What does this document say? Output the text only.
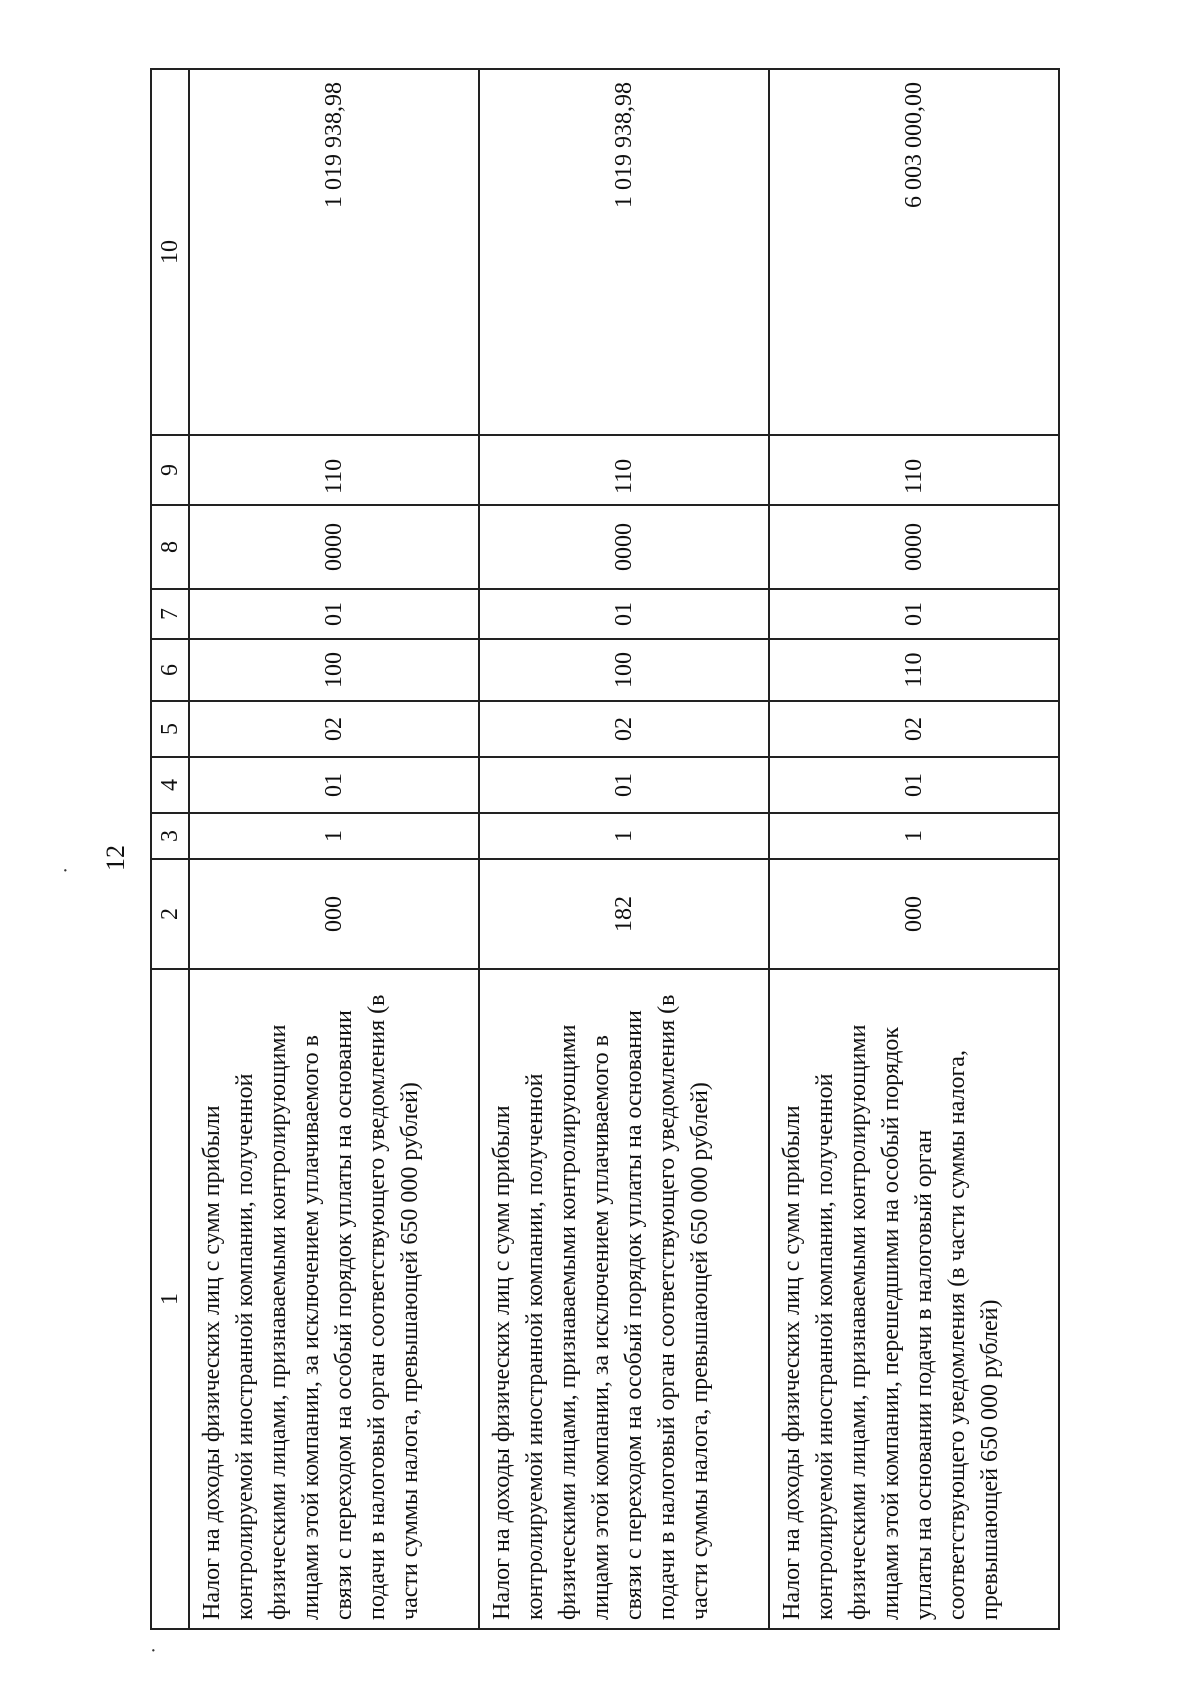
12
·
·
1	2	3	4	5	6	7	8	9	10
Налог на доходы физических лиц с сумм прибыли контролируемой иностранной компании, полученной физическими лицами, признаваемыми контролирующими лицами этой компании, за исключением уплачиваемого в связи с переходом на особый порядок уплаты на основании подачи в налоговый орган соответствующего уведомления (в части суммы налога, превышающей 650 000 рублей)	000	1	01	02	100	01	0000	110	1 019 938,98
Налог на доходы физических лиц с сумм прибыли контролируемой иностранной компании, полученной физическими лицами, признаваемыми контролирующими лицами этой компании, за исключением уплачиваемого в связи с переходом на особый порядок уплаты на основании подачи в налоговый орган соответствующего уведомления (в части суммы налога, превышающей 650 000 рублей)	182	1	01	02	100	01	0000	110	1 019 938,98
Налог на доходы физических лиц с сумм прибыли контролируемой иностранной компании, полученной физическими лицами, признаваемыми контролирующими лицами этой компании, перешедшими на особый порядок уплаты на основании подачи в налоговый орган соответствующего уведомления (в части суммы налога, превышающей 650 000 рублей)	000	1	01	02	110	01	0000	110	6 003 000,00
